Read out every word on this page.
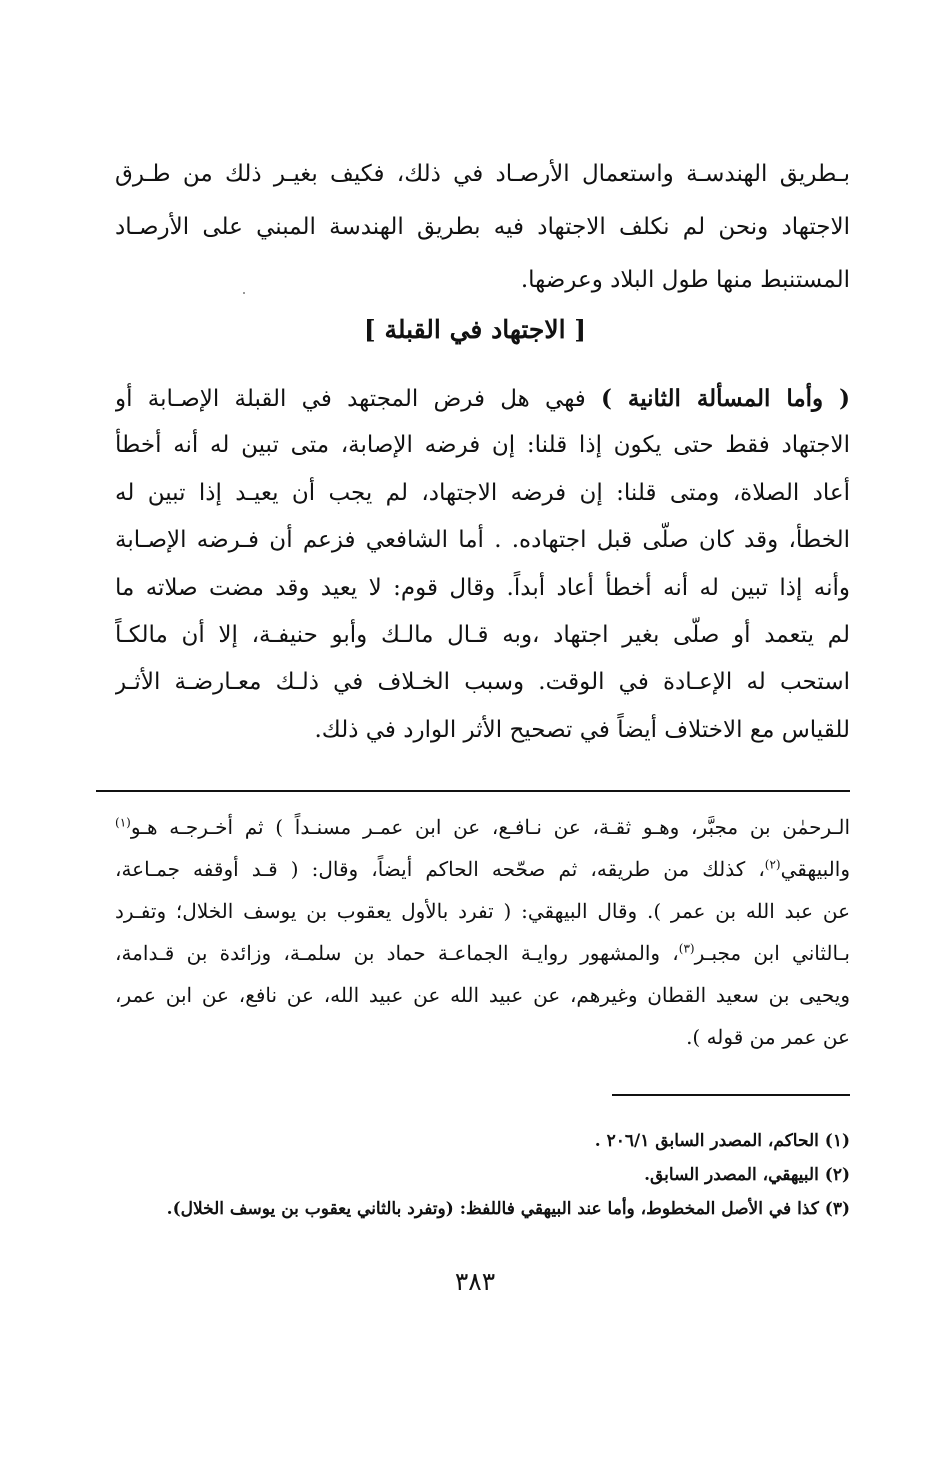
بـطريق الهندسـة واستعمال الأرصـاد في ذلك، فكيف بغيـر ذلك من طـرق
الاجتهاد ونحن لم نكلف الاجتهاد فيه بطريق الهندسة المبني على الأرصـاد
المستنبط منها طول البلاد وعرضها.
[ الاجتهاد في القبلة ]
( وأما المسألة الثانية ) فهي هل فرض المجتهد في القبلة الإصـابة أو
الاجتهاد فقط حتى يكون إذا قلنا: إن فرضه الإصابة، متى تبين له أنه أخطأ
أعاد الصلاة، ومتى قلنا: إن فرضه الاجتهاد، لم يجب أن يعيـد إذا تبين له
الخطأ، وقد كان صلّى قبل اجتهاده. . أما الشافعي فزعم أن فـرضه الإصـابة
وأنه إذا تبين له أنه أخطأ أعاد أبداً. وقال قوم: لا يعيد وقد مضت صلاته ما
لم يتعمد أو صلّى بغير اجتهاد ،وبه قـال مالـك وأبو حنيفـة، إلا أن مالكـاً
استحب له الإعـادة في الوقت. وسبب الخـلاف في ذلـك معـارضـة الأثـر
للقياس مع الاختلاف أيضاً في تصحيح الأثر الوارد في ذلك.
الـرحمٰن بن مجبَّر، وهـو ثقـة، عن نـافـع، عن ابن عمـر مسنـداً ) ثم أخـرجـه هـو$^{(١)}$
والبيهقي$^{(٢)}$، كذلك من طريقه، ثم صحّحه الحاكم أيضاً، وقال: ( قـد أوقفه جمـاعة،
عن عبد الله بن عمر ). وقال البيهقي: ( تفرد بالأول يعقوب بن يوسف الخلال؛ وتفـرد
بـالثاني ابن مجبـر$^{(٣)}$، والمشهور روايـة الجماعـة حماد بن سلمـة، وزائدة بن قـدامة،
ويحيى بن سعيد القطان وغيرهم، عن عبيد الله عن عبيد الله، عن نافع، عن ابن عمر،
عن عمر من قوله ).
(١) الحاكم، المصدر السابق ٢٠٦/١ .
(٢) البيهقي، المصدر السابق.
(٣) كذا في الأصل المخطوط، وأما عند البيهقي فاللفظ: (وتفرد بالثاني يعقوب بن يوسف الخلال).
٣٨٣
